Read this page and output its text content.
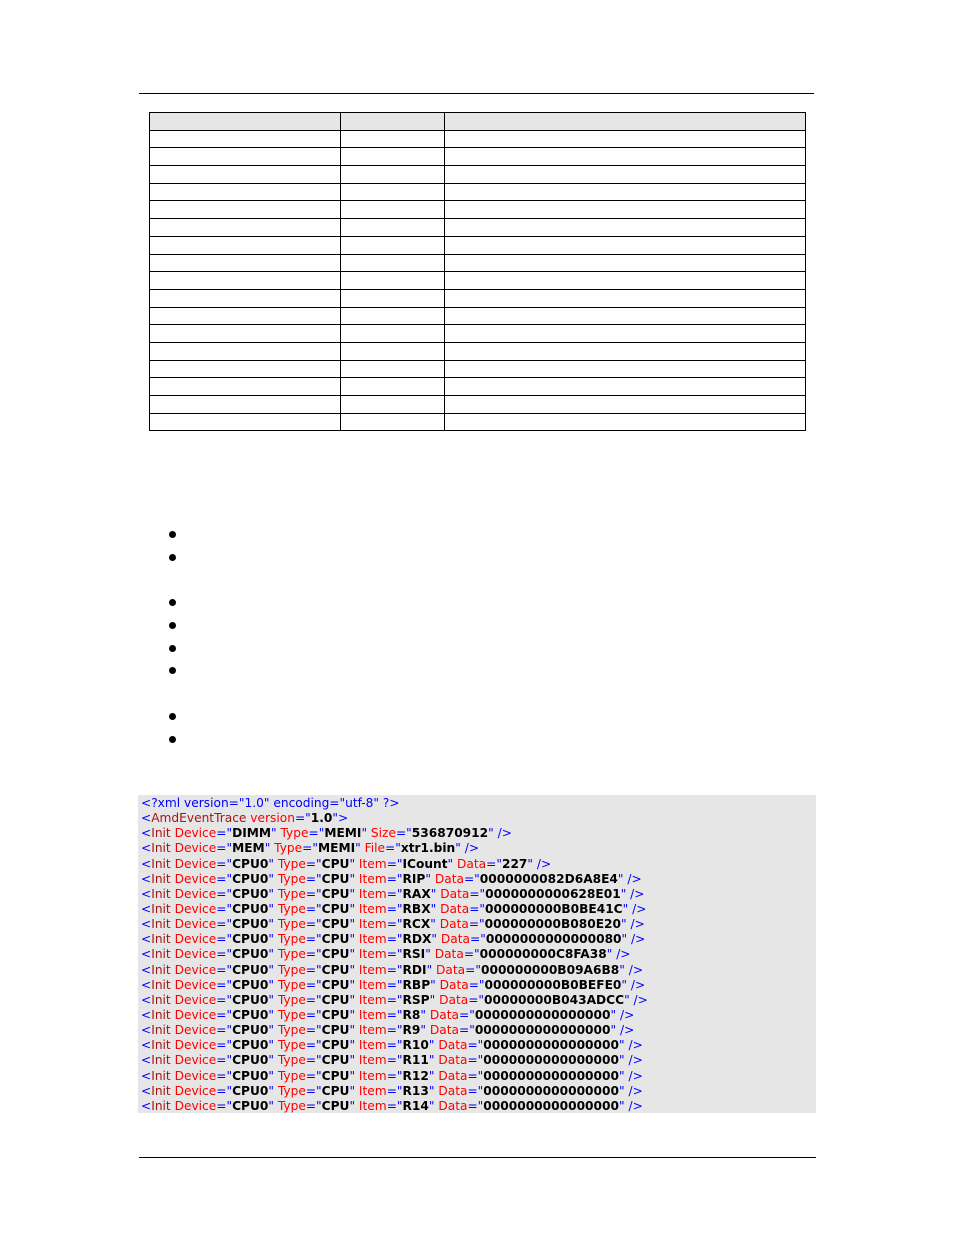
<?xml version="1.0" encoding="utf-8" ?>
<AmdEventTrace version="1.0">
<Init Device="DIMM" Type="MEMI" Size="536870912" />
<Init Device="MEM" Type="MEMI" File="xtr1.bin" />
<Init Device="CPU0" Type="CPU" Item="ICount" Data="227" />
<Init Device="CPU0" Type="CPU" Item="RIP" Data="0000000082D6A8E4" />
<Init Device="CPU0" Type="CPU" Item="RAX" Data="0000000000628E01" />
<Init Device="CPU0" Type="CPU" Item="RBX" Data="000000000B0BE41C" />
<Init Device="CPU0" Type="CPU" Item="RCX" Data="000000000B080E20" />
<Init Device="CPU0" Type="CPU" Item="RDX" Data="0000000000000080" />
<Init Device="CPU0" Type="CPU" Item="RSI" Data="000000000C8FA38" />
<Init Device="CPU0" Type="CPU" Item="RDI" Data="000000000B09A6B8" />
<Init Device="CPU0" Type="CPU" Item="RBP" Data="000000000B0BEFE0" />
<Init Device="CPU0" Type="CPU" Item="RSP" Data="00000000B043ADCC" />
<Init Device="CPU0" Type="CPU" Item="R8" Data="0000000000000000" />
<Init Device="CPU0" Type="CPU" Item="R9" Data="0000000000000000" />
<Init Device="CPU0" Type="CPU" Item="R10" Data="0000000000000000" />
<Init Device="CPU0" Type="CPU" Item="R11" Data="0000000000000000" />
<Init Device="CPU0" Type="CPU" Item="R12" Data="0000000000000000" />
<Init Device="CPU0" Type="CPU" Item="R13" Data="0000000000000000" />
<Init Device="CPU0" Type="CPU" Item="R14" Data="0000000000000000" />
